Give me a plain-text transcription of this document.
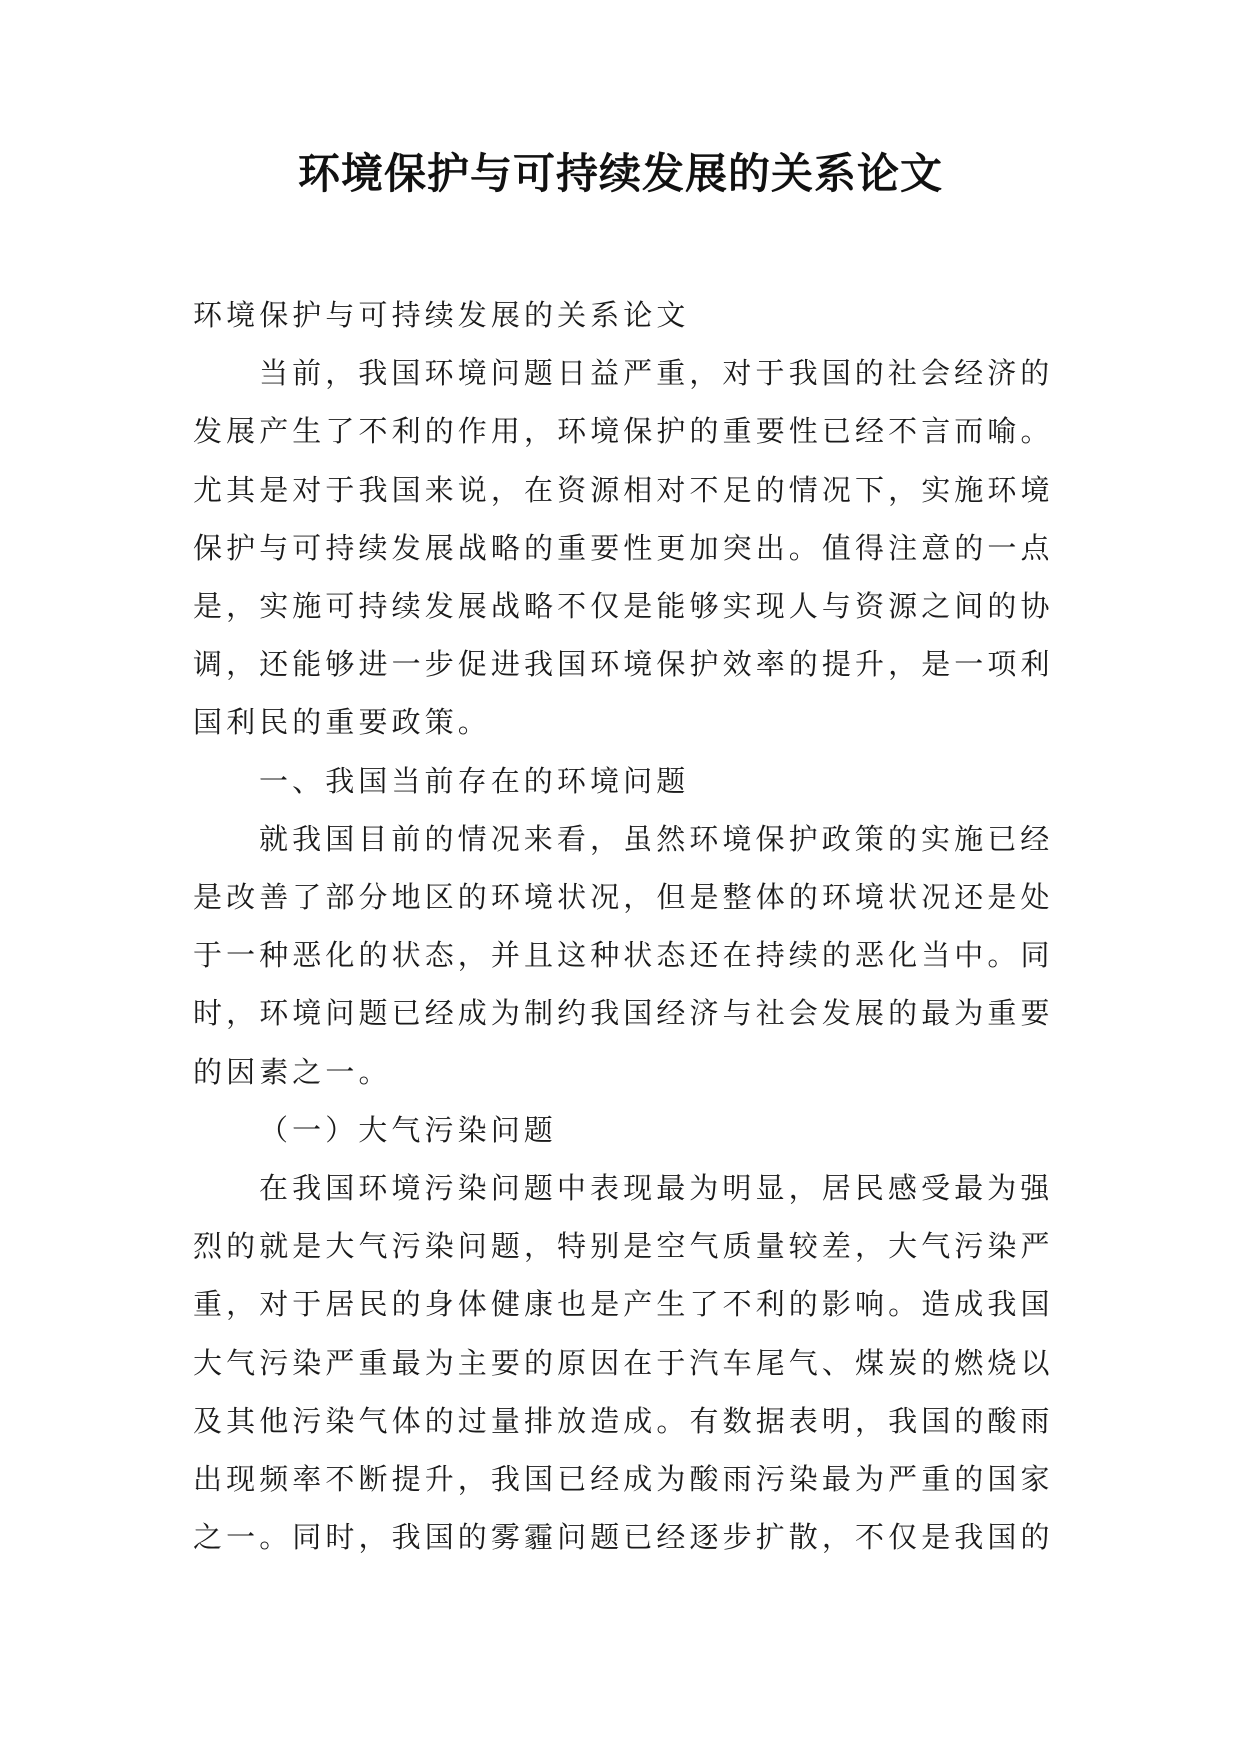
环境保护与可持续发展的关系论文

环境保护与可持续发展的关系论文

当前，我国环境问题日益严重，对于我国的社会经济的发展产生了不利的作用，环境保护的重要性已经不言而喻。尤其是对于我国来说，在资源相对不足的情况下，实施环境保护与可持续发展战略的重要性更加突出。值得注意的一点是，实施可持续发展战略不仅是能够实现人与资源之间的协调，还能够进一步促进我国环境保护效率的提升，是一项利国利民的重要政策。

一、我国当前存在的环境问题

就我国目前的情况来看，虽然环境保护政策的实施已经是改善了部分地区的环境状况，但是整体的环境状况还是处于一种恶化的状态，并且这种状态还在持续的恶化当中。同时，环境问题已经成为制约我国经济与社会发展的最为重要的因素之一。

（一）大气污染问题

在我国环境污染问题中表现最为明显，居民感受最为强烈的就是大气污染问题，特别是空气质量较差，大气污染严重，对于居民的身体健康也是产生了不利的影响。造成我国大气污染严重最为主要的原因在于汽车尾气、煤炭的燃烧以及其他污染气体的过量排放造成。有数据表明，我国的酸雨出现频率不断提升，我国已经成为酸雨污染最为严重的国家之一。同时，我国的雾霾问题已经逐步扩散，不仅是我国的
